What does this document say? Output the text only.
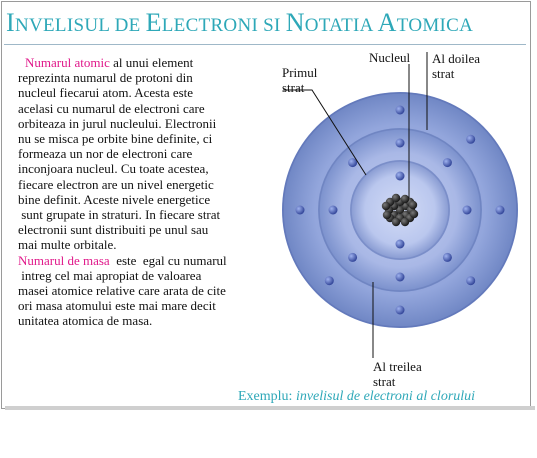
INVELISUL DE ELECTRONI SI NOTATIA ATOMICA
Numarul atomic al unui element
reprezinta numarul de protoni din
nucleul fiecarui atom. Acesta este
acelasi cu numarul de electroni care
orbiteaza in jurul nucleului. Electronii
nu se misca pe orbite bine definite, ci
formeaza un nor de electroni care
inconjoara nucleul. Cu toate acestea,
fiecare electron are un nivel energetic
bine definit. Aceste nivele energetice
sunt grupate in straturi. In fiecare strat
electronii sunt distribuiti pe unul sau
mai multe orbitale.
Numarul de masa  este  egal cu numarul
intreg cel mai apropiat de valoarea
masei atomice relative care arata de cite
ori masa atomului este mai mare decit
unitatea atomica de masa.
Nucleul
Primul
strat
Al doilea
strat
Al treilea
strat
Exemplu: invelisul de electroni al clorului
